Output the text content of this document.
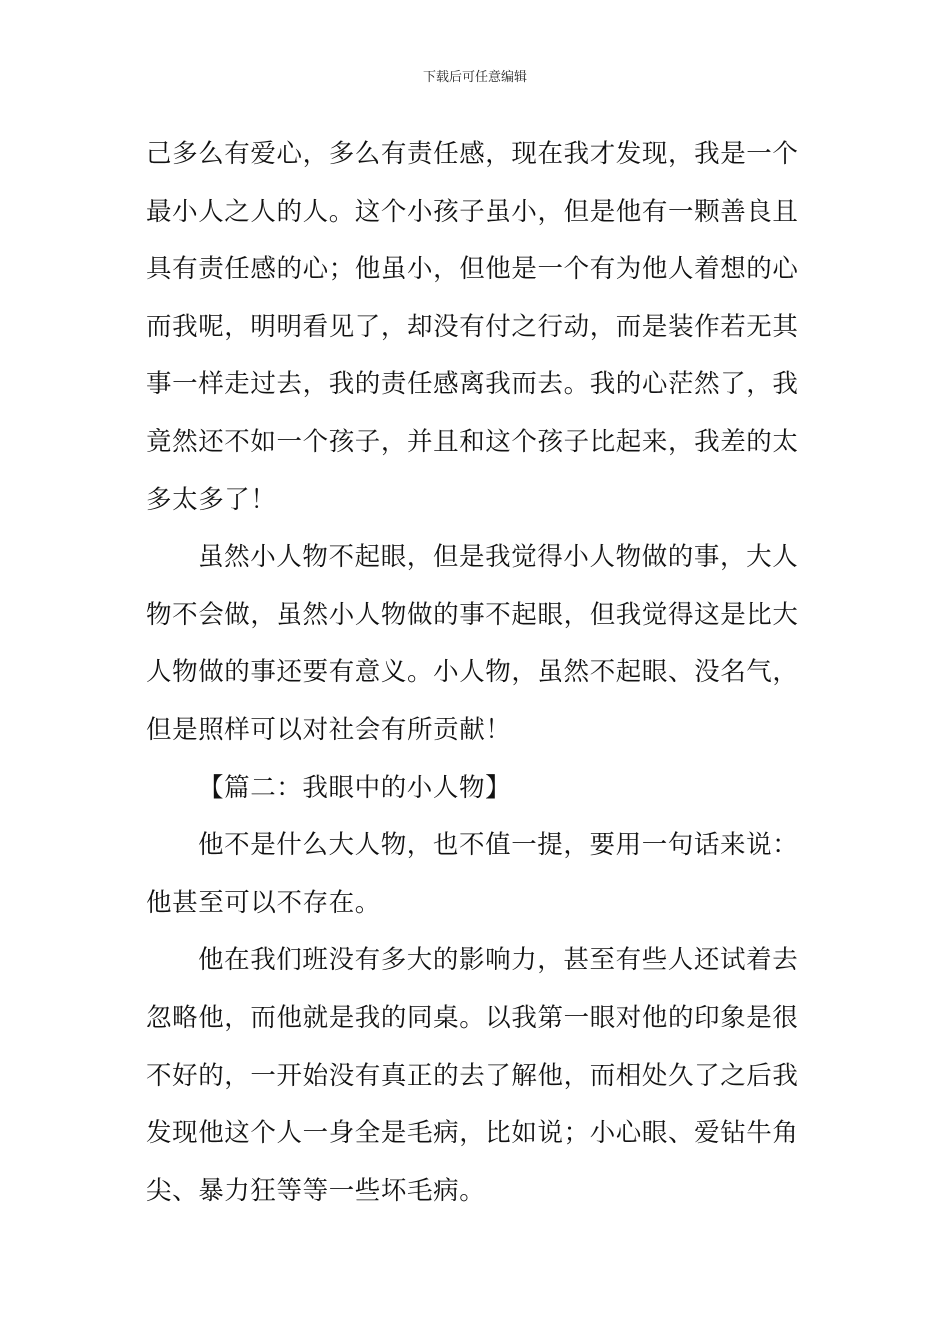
下载后可任意编辑
己多么有爱心，多么有责任感，现在我才发现，我是一个
最小人之人的人。这个小孩子虽小，但是他有一颗善良且
具有责任感的心；他虽小，但他是一个有为他人着想的心
而我呢，明明看见了，却没有付之行动，而是装作若无其
事一样走过去，我的责任感离我而去。我的心茫然了，我
竟然还不如一个孩子，并且和这个孩子比起来，我差的太
多太多了！
虽然小人物不起眼，但是我觉得小人物做的事，大人
物不会做，虽然小人物做的事不起眼，但我觉得这是比大
人物做的事还要有意义。小人物，虽然不起眼、没名气，
但是照样可以对社会有所贡献！
【篇二：我眼中的小人物】
他不是什么大人物，也不值一提，要用一句话来说：
他甚至可以不存在。
他在我们班没有多大的影响力，甚至有些人还试着去
忽略他，而他就是我的同桌。以我第一眼对他的印象是很
不好的，一开始没有真正的去了解他，而相处久了之后我
发现他这个人一身全是毛病，比如说；小心眼、爱钻牛角
尖、暴力狂等等一些坏毛病。
